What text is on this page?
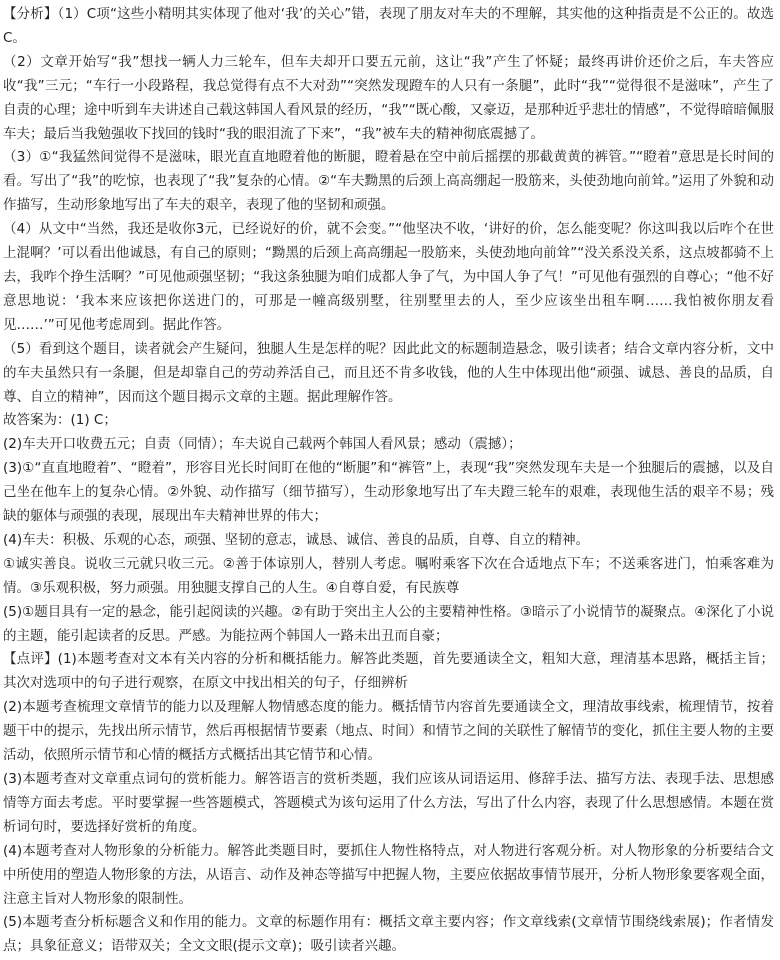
【分析】（1）C项“这些小精明其实体现了他对‘我’的关心”错，表现了朋友对车夫的不理解，其实他的这种指责是不公正的。故选C。

（2）文章开始写“我”想找一辆人力三轮车，但车夫却开口要五元前，这让“我”产生了怀疑；最终再讲价还价之后，车夫答应收“我”三元；“车行一小段路程，我总觉得有点不大对劲”“突然发现蹬车的人只有一条腿”，此时“我”“觉得很不是滋味”，产生了自责的心理；途中听到车夫讲述自己载这韩国人看风景的经历，“我”“既心酸，又豪迈，是那种近乎悲壮的情感”，不觉得暗暗佩服车夫；最后当我勉强收下找回的钱时“我的眼泪流了下来”，“我”被车夫的精神彻底震撼了。

（3）①“我猛然间觉得不是滋味，眼光直直地瞪着他的断腿，瞪着悬在空中前后摇摆的那截黄黄的裤管。”“瞪着”意思是长时间的看。写出了“我”的吃惊，也表现了“我”复杂的心情。②“车夫黝黑的后颈上高高绷起一股筋来，头使劲地向前耸。”运用了外貌和动作描写，生动形象地写出了车夫的艰辛，表现了他的坚韧和顽强。

（4）从文中“当然，我还是收你3元，已经说好的价，就不会变。”“他坚决不收，‘讲好的价，怎么能变呢？你这叫我以后咋个在世上混啊？’可以看出他诚恳，有自己的原则；“黝黑的后颈上高高绷起一股筋来，头使劲地向前耸”“没关系没关系，这点坡都骑不上去，我咋个挣生活啊？”可见他顽强坚韧；“我这条独腿为咱们成都人争了气，为中国人争了气！”可见他有强烈的自尊心；“他不好意思地说：‘我本来应该把你送进门的，可那是一幢高级别墅，往别墅里去的人，至少应该坐出租车啊……我怕被你朋友看见……’”可见他考虑周到。据此作答。

（5）看到这个题目，读者就会产生疑问，独腿人生是怎样的呢？因此此文的标题制造悬念，吸引读者；结合文章内容分析，文中的车夫虽然只有一条腿，但是却靠自己的劳动养活自己，而且还不肯多收钱，他的人生中体现出他“顽强、诚恳、善良的品质，自尊、自立的精神”，因而这个题目揭示文章的主题。据此理解作答。

故答案为：(1) C；

(2)车夫开口收费五元；自责（同情）；车夫说自己载两个韩国人看风景；感动（震撼）；

(3)①“直直地瞪着”、“瞪着”，形容目光长时间盯在他的“断腿”和“裤管”上，表现“我”突然发现车夫是一个独腿后的震撼，以及自己坐在他车上的复杂心情。②外貌、动作描写（细节描写），生动形象地写出了车夫蹬三轮车的艰难，表现他生活的艰辛不易；残缺的躯体与顽强的表现，展现出车夫精神世界的伟大；

(4)车夫：积极、乐观的心态，顽强、坚韧的意志，诚恳、诚信、善良的品质，自尊、自立的精神。

①诚实善良。说收三元就只收三元。②善于体谅别人，替别人考虑。嘱咐乘客下次在合适地点下车；不送乘客进门，怕乘客难为情。③乐观积极，努力顽强。用独腿支撑自己的人生。④自尊自爱，有民族尊

(5)①题目具有一定的悬念，能引起阅读的兴趣。②有助于突出主人公的主要精神性格。③暗示了小说情节的凝聚点。④深化了小说的主题，能引起读者的反思。严感。为能拉两个韩国人一路未出丑而自豪；

【点评】(1)本题考查对文本有关内容的分析和概括能力。解答此类题，首先要通读全文，粗知大意，理清基本思路，概括主旨；其次对选项中的句子进行观察，在原文中找出相关的句子，仔细辨析

(2)本题考查梳理文章情节的能力以及理解人物情感态度的能力。概括情节内容首先要通读全文，理清故事线索，梳理情节，按着题干中的提示，先找出所示情节，然后再根据情节要素（地点、时间）和情节之间的关联性了解情节的变化，抓住主要人物的主要活动，依照所示情节和心情的概括方式概括出其它情节和心情。

(3)本题考查对文章重点词句的赏析能力。解答语言的赏析类题，我们应该从词语运用、修辞手法、描写方法、表现手法、思想感情等方面去考虑。平时要掌握一些答题模式，答题模式为该句运用了什么方法，写出了什么内容，表现了什么思想感情。本题在赏析词句时，要选择好赏析的角度。

(4)本题考查对人物形象的分析能力。解答此类题目时，要抓住人物性格特点，对人物进行客观分析。对人物形象的分析要结合文中所使用的塑造人物形象的方法，从语言、动作及神态等描写中把握人物，主要应依据故事情节展开，分析人物形象要客观全面，注意主旨对人物形象的限制性。

(5)本题考查分析标题含义和作用的能力。文章的标题作用有：概括文章主要内容；作文章线索(文章情节围绕线索展)；作者情发点；具象征意义；语带双关；全文文眼(提示文章)；吸引读者兴趣。
